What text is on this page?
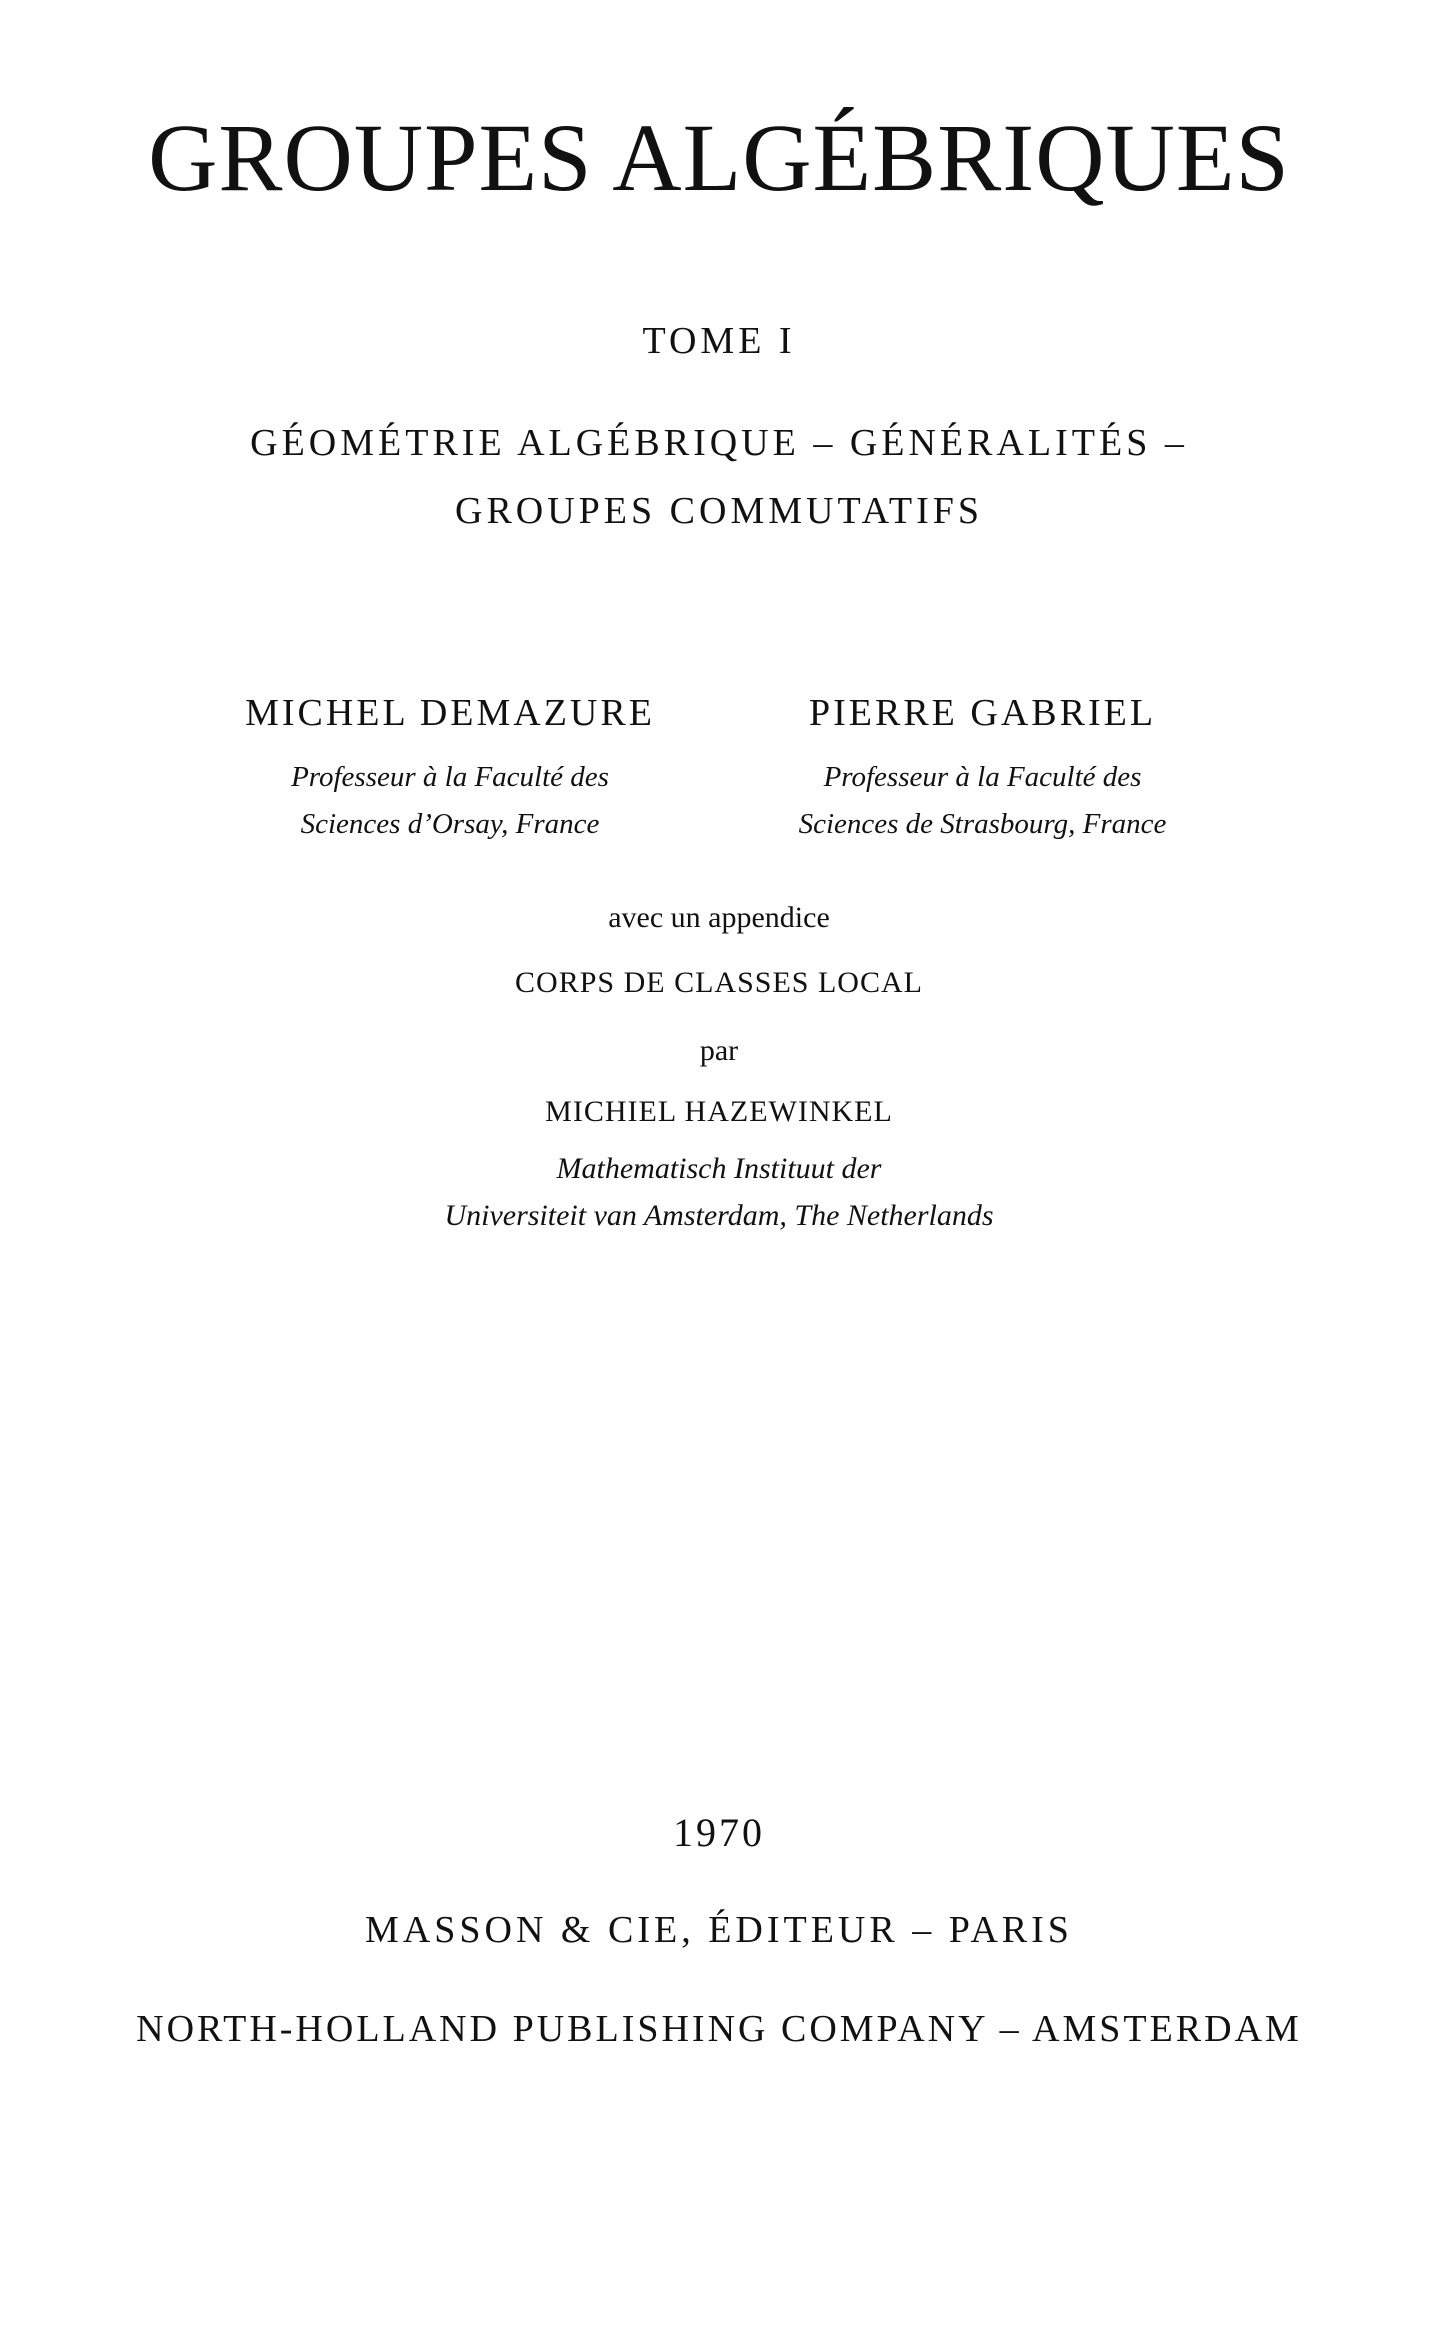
GROUPES ALGÉBRIQUES
TOME I
GÉOMÉTRIE ALGÉBRIQUE – GÉNÉRALITÉS –
GROUPES COMMUTATIFS
MICHEL DEMAZURE
Professeur à la Faculté des
Sciences d’Orsay, France
PIERRE GABRIEL
Professeur à la Faculté des
Sciences de Strasbourg, France
avec un appendice
CORPS DE CLASSES LOCAL
par
MICHIEL HAZEWINKEL
Mathematisch Instituut der
Universiteit van Amsterdam, The Netherlands
1970
MASSON & CIE, ÉDITEUR – PARIS
NORTH-HOLLAND PUBLISHING COMPANY – AMSTERDAM
